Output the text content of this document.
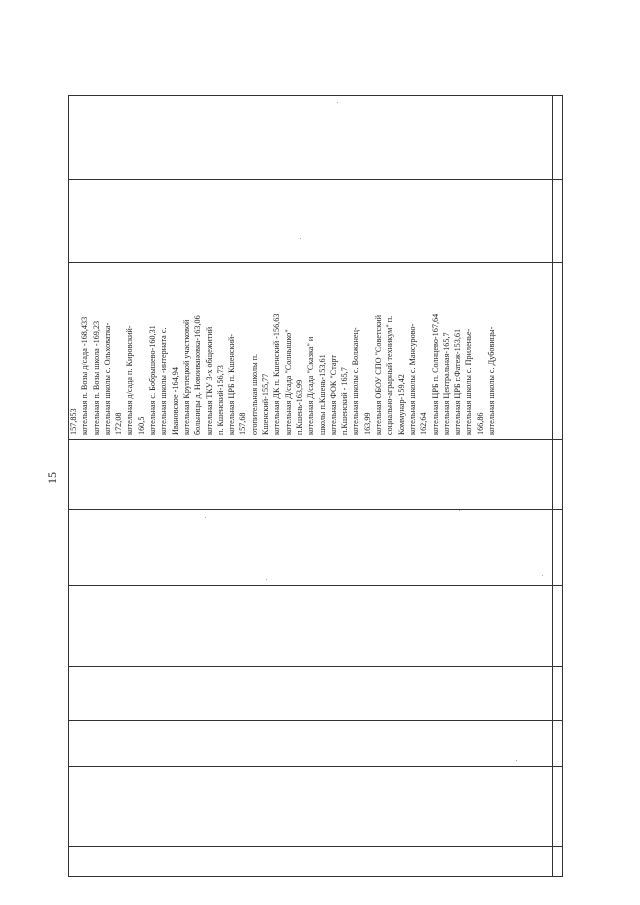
15
157,853 котельная п. Возы д/сада -168,433 котельная п. Возы школа -169,23 котельная школы с. Ольховатка- 172,08 котельная д/сада п. Кировский- 160,5 котельная с. Бобрышево-160,31 котельная школы -интерната с. Ивановское -164,94 котельная Крупецкой участковой больницы д. Новоивановка-163,06 котельная ТКУ 3-х общежитий п. Кшенский-156,73 котельная ЦРБ п. Кшенский- 157,68 отопительная школы п. Кшенский-155,77 котельная ДК п. Кшенский -156,63 котельная Д/сада "Солнышко" п.Кшень-163,99 котельная Д/сада "Сказка" и школы п.Кшень-153,61 котельная ФОК "Старт п.Кшенский - 165,7 котельная школы с. Волжанец- 163,99 котельная ОБОУ СПО "Советский социально-аграрный техникум" п. Коммунар-159,42 котельная школы с. Мансурово- 162,64 котельная ЦРБ п. Солнцево-167,64 котельная Центральная-165,7 котельная ЦРБ г.Фатеж-153,61 котельная школы с. Приленье- 166,86 котельная школы с. Дубовицы-
